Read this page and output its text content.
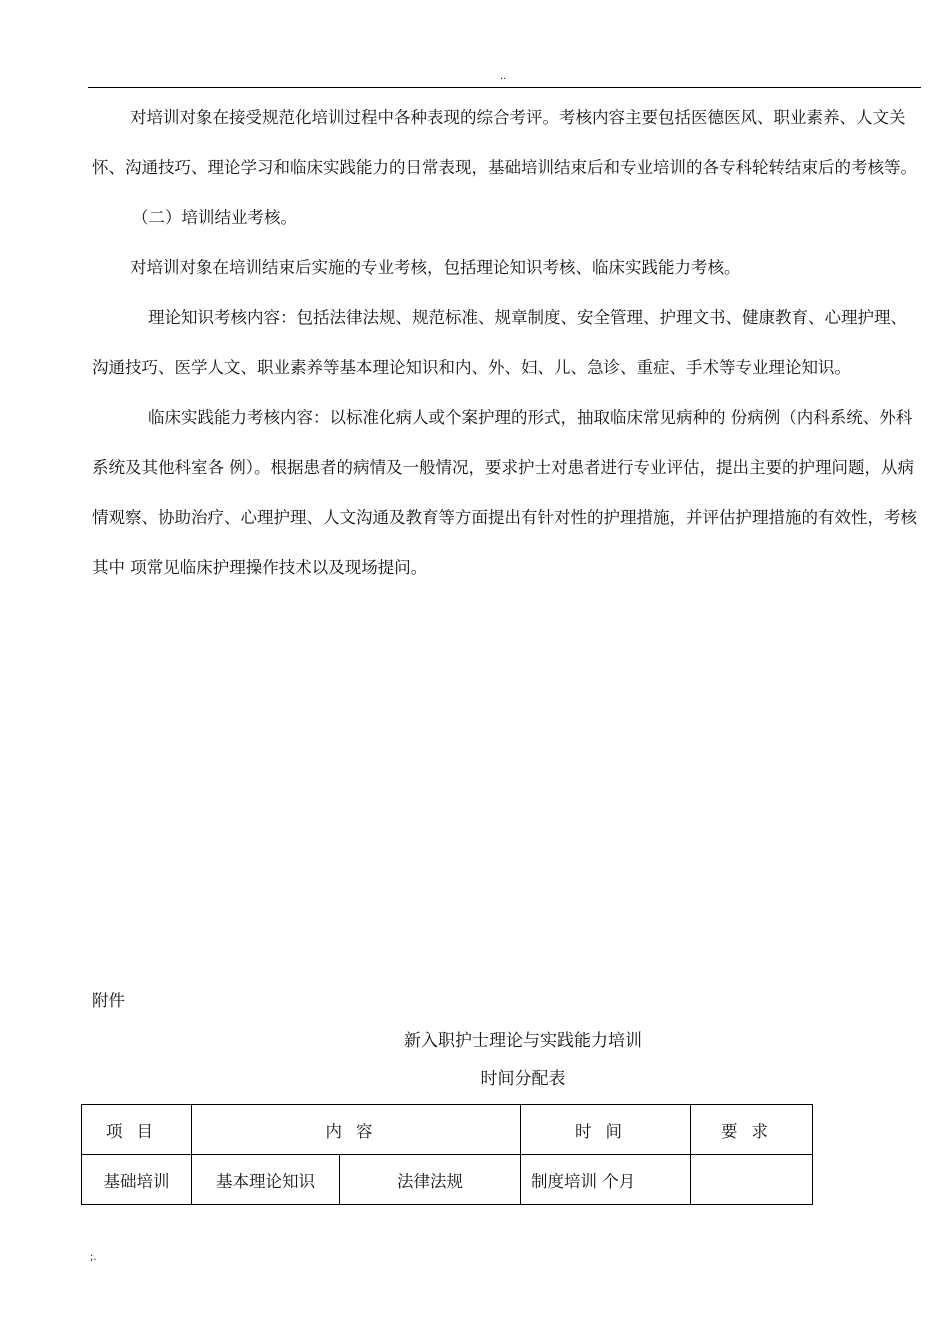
..

对培训对象在接受规范化培训过程中各种表现的综合考评。考核内容主要包括医德医风、职业素养、人文关怀、沟通技巧、理论学习和临床实践能力的日常表现，基础培训结束后和专业培训的各专科轮转结束后的考核等。

（二）培训结业考核。

对培训对象在培训结束后实施的专业考核，包括理论知识考核、临床实践能力考核。

理论知识考核内容：包括法律法规、规范标准、规章制度、安全管理、护理文书、健康教育、心理护理、沟通技巧、医学人文、职业素养等基本理论知识和内、外、妇、儿、急诊、重症、手术等专业理论知识。

临床实践能力考核内容：以标准化病人或个案护理的形式，抽取临床常见病种的 份病例（内科系统、外科系统及其他科室各 例）。根据患者的病情及一般情况，要求护士对患者进行专业评估，提出主要的护理问题，从病情观察、协助治疗、心理护理、人文沟通及教育等方面提出有针对性的护理措施，并评估护理措施的有效性，考核其中 项常见临床护理操作技术以及现场提问。

附件
新入职护士理论与实践能力培训
时间分配表
项目	内容		时间	要求
基础培训	基本理论知识	法律法规	制度培训 个月	
;.
